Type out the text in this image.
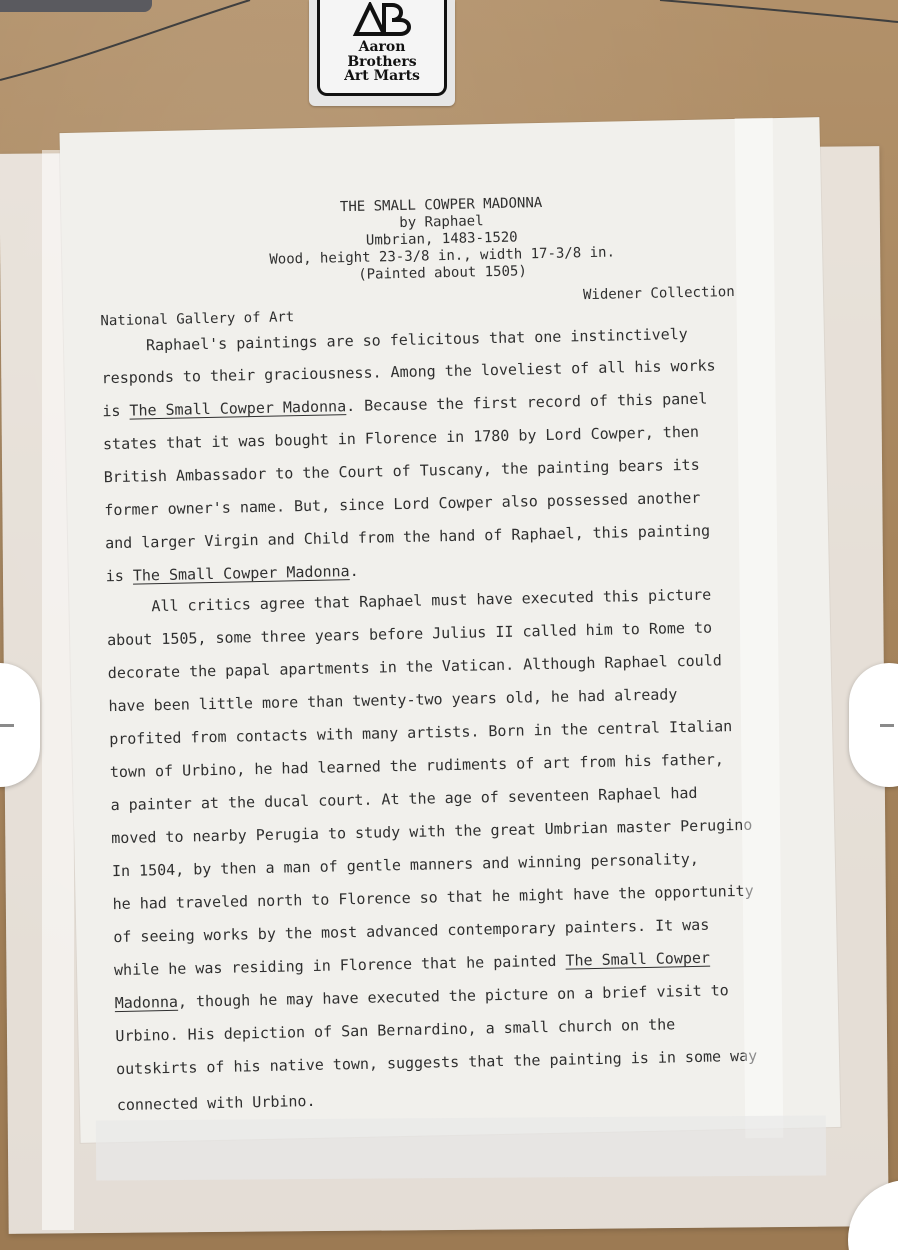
Aaron
Brothers
Art Marts
THE SMALL COWPER MADONNA
by Raphael
Umbrian, 1483-1520
Wood, height 23-3/8 in., width 17-3/8 in.
(Painted about 1505)
Widener Collection
National Gallery of Art
Raphael's paintings are so felicitous that one instinctively
responds to their graciousness. Among the loveliest of all his works
is The Small Cowper Madonna. Because the first record of this panel
states that it was bought in Florence in 1780 by Lord Cowper, then
British Ambassador to the Court of Tuscany, the painting bears its
former owner's name. But, since Lord Cowper also possessed another
and larger Virgin and Child from the hand of Raphael, this painting
is The Small Cowper Madonna.
All critics agree that Raphael must have executed this picture
about 1505, some three years before Julius II called him to Rome to
decorate the papal apartments in the Vatican. Although Raphael could
have been little more than twenty-two years old, he had already
profited from contacts with many artists. Born in the central Italian
town of Urbino, he had learned the rudiments of art from his father,
a painter at the ducal court. At the age of seventeen Raphael had
moved to nearby Perugia to study with the great Umbrian master Perugino
In 1504, by then a man of gentle manners and winning personality,
he had traveled north to Florence so that he might have the opportunity
of seeing works by the most advanced contemporary painters. It was
while he was residing in Florence that he painted The Small Cowper
Madonna, though he may have executed the picture on a brief visit to
Urbino. His depiction of San Bernardino, a small church on the
outskirts of his native town, suggests that the painting is in some way
connected with Urbino.
